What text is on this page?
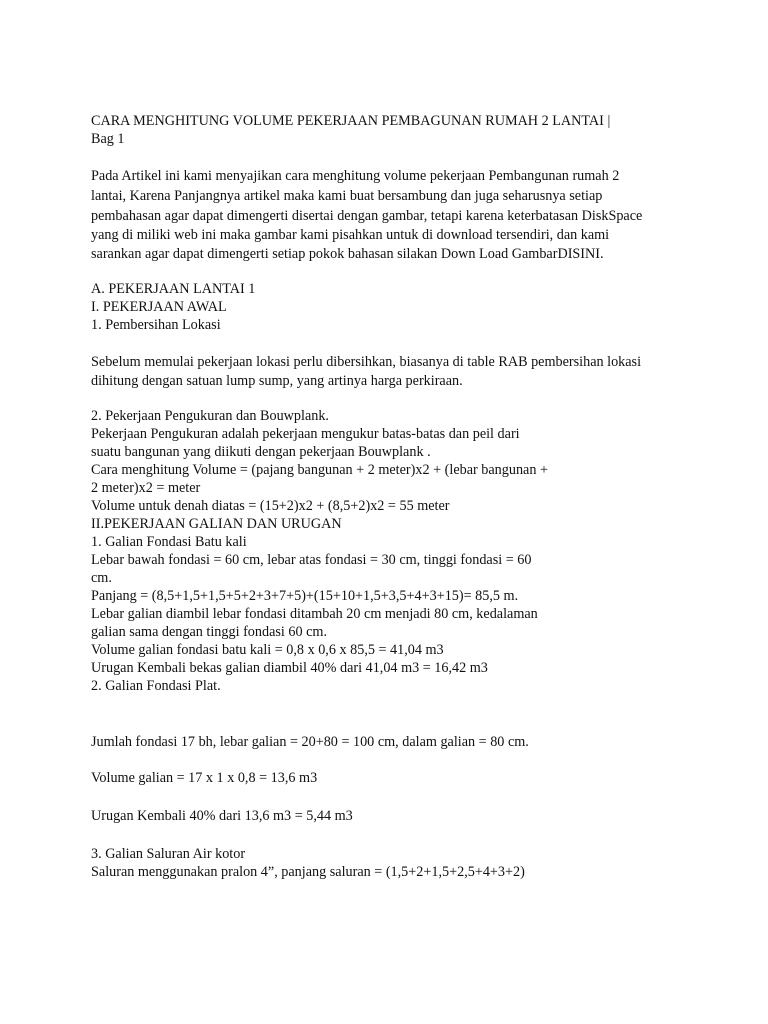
CARA MENGHITUNG VOLUME PEKERJAAN PEMBAGUNAN RUMAH 2 LANTAI |

Bag 1

Pada Artikel ini kami menyajikan cara menghitung volume pekerjaan Pembangunan rumah 2

lantai, Karena Panjangnya artikel maka kami buat bersambung dan juga seharusnya setiap

pembahasan agar dapat dimengerti disertai dengan gambar, tetapi karena keterbatasan DiskSpace

yang di miliki web ini maka gambar kami pisahkan untuk di download tersendiri, dan kami

sarankan agar dapat dimengerti setiap pokok bahasan silakan Down Load GambarDISINI.

A. PEKERJAAN LANTAI 1

I. PEKERJAAN AWAL

1. Pembersihan Lokasi

Sebelum memulai pekerjaan lokasi perlu dibersihkan, biasanya di table RAB pembersihan lokasi

dihitung dengan satuan lump sump, yang artinya harga perkiraan.

2. Pekerjaan Pengukuran dan Bouwplank.

Pekerjaan Pengukuran adalah pekerjaan mengukur batas-batas dan peil dari

suatu bangunan yang diikuti dengan pekerjaan Bouwplank .

Cara menghitung Volume = (pajang bangunan + 2 meter)x2 + (lebar bangunan +

2 meter)x2 = meter

Volume untuk denah diatas = (15+2)x2 + (8,5+2)x2 = 55 meter

II.PEKERJAAN GALIAN DAN URUGAN

1. Galian Fondasi Batu kali

Lebar bawah fondasi = 60 cm, lebar atas fondasi = 30 cm, tinggi fondasi = 60

cm.

Panjang = (8,5+1,5+1,5+5+2+3+7+5)+(15+10+1,5+3,5+4+3+15)= 85,5 m.

Lebar galian diambil lebar fondasi ditambah 20 cm menjadi 80 cm, kedalaman

galian sama dengan tinggi fondasi 60 cm.

Volume galian fondasi batu kali = 0,8 x 0,6 x 85,5 = 41,04 m3

Urugan Kembali bekas galian diambil 40% dari 41,04 m3 = 16,42 m3

2. Galian Fondasi Plat.

Jumlah fondasi 17 bh, lebar galian = 20+80 = 100 cm, dalam galian = 80 cm.

Volume galian = 17 x 1 x 0,8 = 13,6 m3

Urugan Kembali 40% dari 13,6 m3 = 5,44 m3

3. Galian Saluran Air kotor

Saluran menggunakan pralon 4”, panjang saluran = (1,5+2+1,5+2,5+4+3+2)
